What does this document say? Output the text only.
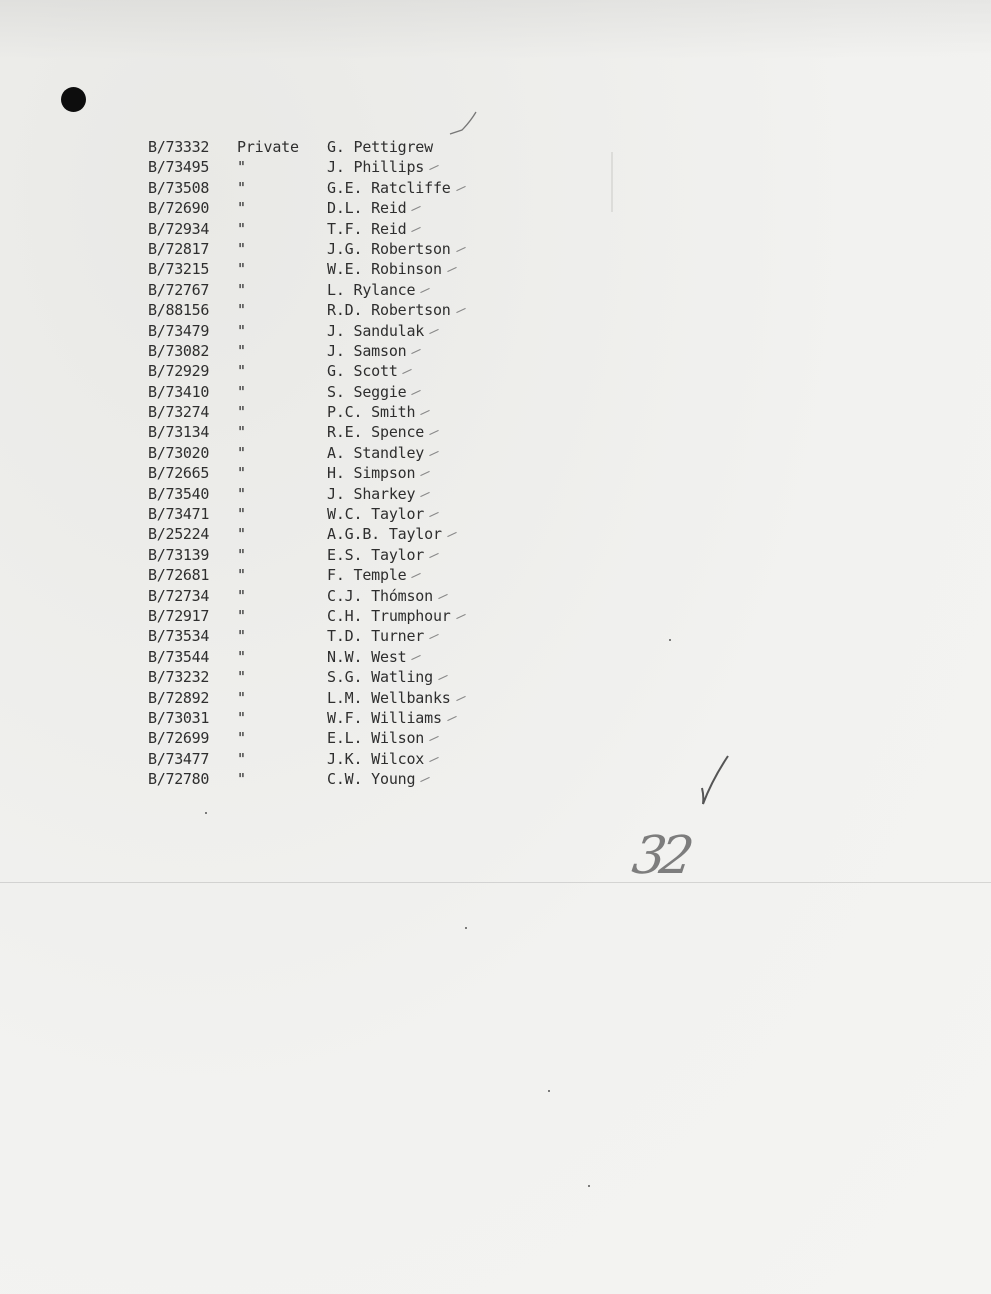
B/73332 Private G. Pettigrew
B/73495 "	J. Phillips
B/73508 "	G.E. Ratcliffe
B/72690 "	D.L. Reid
B/72934 "	T.F. Reid
B/72817 "	J.G. Robertson
B/73215 "	W.E. Robinson
B/72767 "	L. Rylance
B/88156 "	R.D. Robertson
B/73479 "	J. Sandulak
B/73082 "	J. Samson
B/72929 "	G. Scott
B/73410 "	S. Seggie
B/73274 "	P.C. Smith
B/73134 "	R.E. Spence
B/73020 "	A. Standley
B/72665 "	H. Simpson
B/73540 "	J. Sharkey
B/73471 "	W.C. Taylor
B/25224 "	A.G.B. Taylor
B/73139 "	E.S. Taylor
B/72681 "	F. Temple
B/72734 "	C.J. Thómson
B/72917 "	C.H. Trumphour
B/73534 "	T.D. Turner
B/73544 "	N.W. West
B/73232 "	S.G. Watling
B/72892 "	L.M. Wellbanks
B/73031 "	W.F. Williams
B/72699 "	E.L. Wilson
B/73477 "	J.K. Wilcox
B/72780 "	C.W. Young
32
